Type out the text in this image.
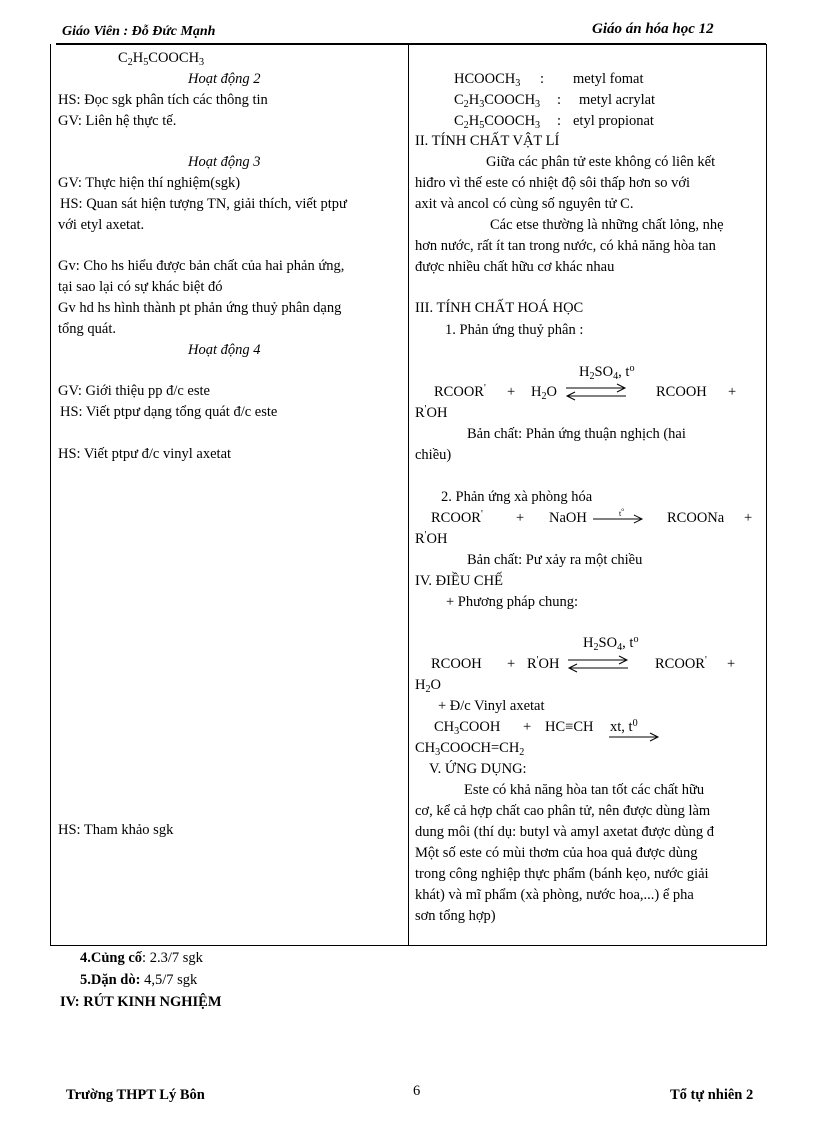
Giáo Viên : Đỗ Đức Mạnh	Giáo án hóa học 12
$C_2H_5COOCH_3$
Hoạt động 2
HS: Đọc sgk phân tích các thông tin
GV: Liên hệ thực tế.
Hoạt động 3
GV: Thực hiện thí nghiệm(sgk)
HS: Quan sát hiện tượng TN, giải thích, viết ptpư
với etyl axetat.
Gv: Cho hs hiểu được bản chất của hai phản ứng,
tại sao lại có sự khác biệt đó
Gv hd hs hình thành pt phản ứng thuỷ phân dạng
tổng quát.
Hoạt động 4
GV: Giới thiệu pp đ/c este
HS: Viết ptpư dạng tổng quát đ/c este
HS: Viết ptpư đ/c vinyl axetat
HS: Tham khảo sgk
$HCOOCH_3$ : metyl fomat
$C_2H_3COOCH_3$ : metyl acrylat
$C_2H_5COOCH_3$ : etyl propionat
II. TÍNH CHẤT VẬT LÍ
Giữa các phân tử este không có liên kết
hiđro vì thế este có nhiệt độ sôi thấp hơn so với
axit và ancol có cùng số nguyên tử C.
Các etse thường là những chất lỏng, nhẹ
hơn nước, rất ít tan trong nước, có khả năng hòa tan
được nhiều chất hữu cơ khác nhau
III. TÍNH CHẤT HOÁ HỌC
1. Phản ứng thuỷ phân :
$H_2SO_4$, $t^o$
RCOOR' + $H_2O$	RCOOH +
R'OH
Bản chất: Phản ứng thuận nghịch (hai
chiều)
2. Phản ứng xà phòng hóa
RCOOR' + NaOH	$t^o$	RCOONa +
R'OH
Bản chất: Pư xảy ra một chiều
IV. ĐIỀU CHẾ
+ Phương pháp chung:
$H_2SO_4$, $t^o$
RCOOH + R'OH	RCOOR' +
$H_2O$
+ Đ/c Vinyl axetat
$CH_3COOH + HC\equiv CH$ xt, $t^0$
$CH_3COOCH=CH_2$
V. ỨNG DỤNG:
Este có khả năng hòa tan tốt các chất hữu
cơ, kể cả hợp chất cao phân tử, nên được dùng làm
dung môi (thí dụ: butyl và amyl axetat được dùng đ
Một số este có mùi thơm của hoa quả được dùng
trong công nghiệp thực phẩm (bánh kẹo, nước giải
khát) và mĩ phẩm (xà phòng, nước hoa,...) ể pha
sơn tổng hợp)
4.Củng cố: 2.3/7 sgk
5.Dặn dò: 4,5/7 sgk
IV: RÚT KINH NGHIỆM
Trường THPT Lý Bôn	6	Tổ tự nhiên 2
